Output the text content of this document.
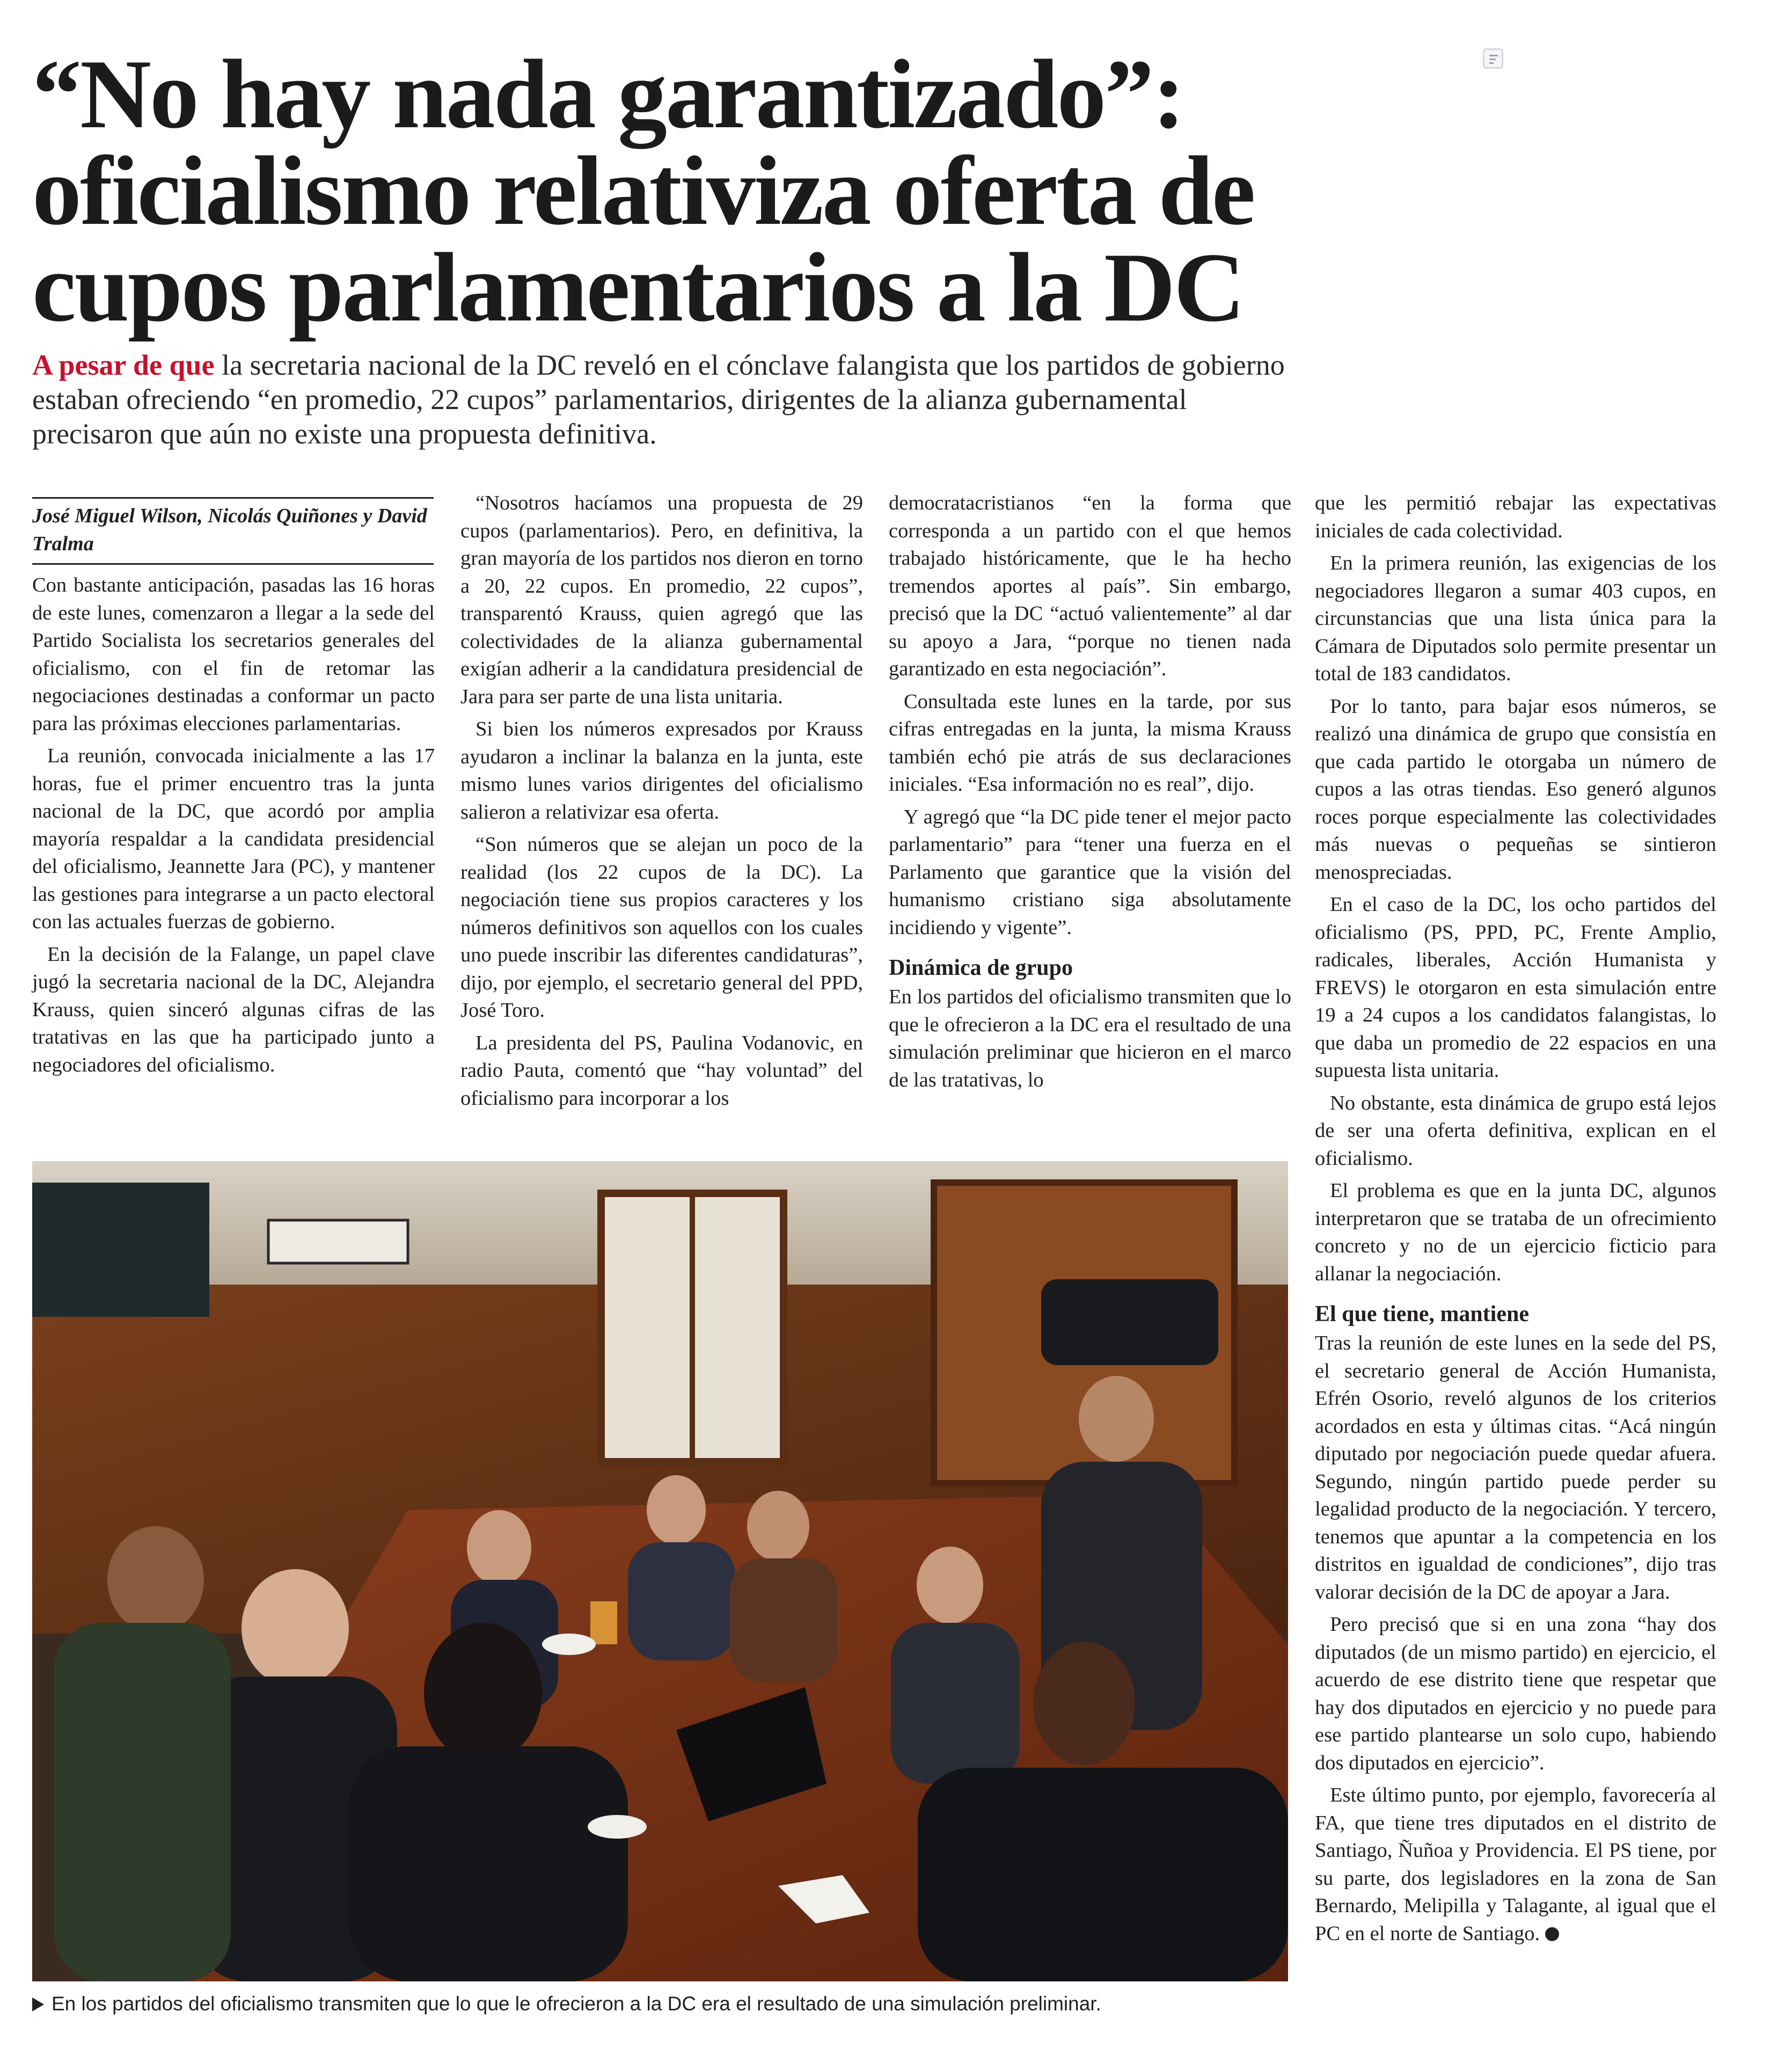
“No hay nada garantizado”: oficialismo relativiza oferta de cupos parlamentarios a la DC

A pesar de que la secretaria nacional de la DC reveló en el cónclave falangista que los partidos de gobierno estaban ofreciendo “en promedio, 22 cupos” parlamentarios, dirigentes de la alianza gubernamental precisaron que aún no existe una propuesta definitiva.

José Miguel Wilson, Nicolás Quiñones y David Tralma

Con bastante anticipación, pasadas las 16 horas de este lunes, comenzaron a llegar a la sede del Partido Socialista los secretarios generales del oficialismo, con el fin de retomar las negociaciones destinadas a conformar un pacto para las próximas elecciones parlamentarias.

La reunión, convocada inicialmente a las 17 horas, fue el primer encuentro tras la junta nacional de la DC, que acordó por amplia mayoría respaldar a la candidata presidencial del oficialismo, Jeannette Jara (PC), y mantener las gestiones para integrarse a un pacto electoral con las actuales fuerzas de gobierno.

En la decisión de la Falange, un papel clave jugó la secretaria nacional de la DC, Alejandra Krauss, quien sinceró algunas cifras de las tratativas en las que ha participado junto a negociadores del oficialismo.

“Nosotros hacíamos una propuesta de 29 cupos (parlamentarios). Pero, en definitiva, la gran mayoría de los partidos nos dieron en torno a 20, 22 cupos. En promedio, 22 cupos”, transparentó Krauss, quien agregó que las colectividades de la alianza gubernamental exigían adherir a la candidatura presidencial de Jara para ser parte de una lista unitaria.

Si bien los números expresados por Krauss ayudaron a inclinar la balanza en la junta, este mismo lunes varios dirigentes del oficialismo salieron a relativizar esa oferta.

“Son números que se alejan un poco de la realidad (los 22 cupos de la DC). La negociación tiene sus propios caracteres y los números definitivos son aquellos con los cuales uno puede inscribir las diferentes candidaturas”, dijo, por ejemplo, el secretario general del PPD, José Toro.

La presidenta del PS, Paulina Vodanovic, en radio Pauta, comentó que “hay voluntad” del oficialismo para incorporar a los

democratacristianos “en la forma que corresponda a un partido con el que hemos trabajado históricamente, que le ha hecho tremendos aportes al país”. Sin embargo, precisó que la DC “actuó valientemente” al dar su apoyo a Jara, “porque no tienen nada garantizado en esta negociación”.

Consultada este lunes en la tarde, por sus cifras entregadas en la junta, la misma Krauss también echó pie atrás de sus declaraciones iniciales. “Esa información no es real”, dijo.

Y agregó que “la DC pide tener el mejor pacto parlamentario” para “tener una fuerza en el Parlamento que garantice que la visión del humanismo cristiano siga absolutamente incidiendo y vigente”.

Dinámica de grupo

En los partidos del oficialismo transmiten que lo que le ofrecieron a la DC era el resultado de una simulación preliminar que hicieron en el marco de las tratativas, lo

que les permitió rebajar las expectativas iniciales de cada colectividad.

En la primera reunión, las exigencias de los negociadores llegaron a sumar 403 cupos, en circunstancias que una lista única para la Cámara de Diputados solo permite presentar un total de 183 candidatos.

Por lo tanto, para bajar esos números, se realizó una dinámica de grupo que consistía en que cada partido le otorgaba un número de cupos a las otras tiendas. Eso generó algunos roces porque especialmente las colectividades más nuevas o pequeñas se sintieron menospreciadas.

En el caso de la DC, los ocho partidos del oficialismo (PS, PPD, PC, Frente Amplio, radicales, liberales, Acción Humanista y FREVS) le otorgaron en esta simulación entre 19 a 24 cupos a los candidatos falangistas, lo que daba un promedio de 22 espacios en una supuesta lista unitaria.

No obstante, esta dinámica de grupo está lejos de ser una oferta definitiva, explican en el oficialismo.

El problema es que en la junta DC, algunos interpretaron que se trataba de un ofrecimiento concreto y no de un ejercicio ficticio para allanar la negociación.

El que tiene, mantiene

Tras la reunión de este lunes en la sede del PS, el secretario general de Acción Humanista, Efrén Osorio, reveló algunos de los criterios acordados en esta y últimas citas. “Acá ningún diputado por negociación puede quedar afuera. Segundo, ningún partido puede perder su legalidad producto de la negociación. Y tercero, tenemos que apuntar a la competencia en los distritos en igualdad de condiciones”, dijo tras valorar decisión de la DC de apoyar a Jara.

Pero precisó que si en una zona “hay dos diputados (de un mismo partido) en ejercicio, el acuerdo de ese distrito tiene que respetar que hay dos diputados en ejercicio y no puede para ese partido plantearse un solo cupo, habiendo dos diputados en ejercicio”.

Este último punto, por ejemplo, favorecería al FA, que tiene tres diputados en el distrito de Santiago, Ñuñoa y Providencia. El PS tiene, por su parte, dos legisladores en la zona de San Bernardo, Melipilla y Talagante, al igual que el PC en el norte de Santiago.

En los partidos del oficialismo transmiten que lo que le ofrecieron a la DC era el resultado de una simulación preliminar.
